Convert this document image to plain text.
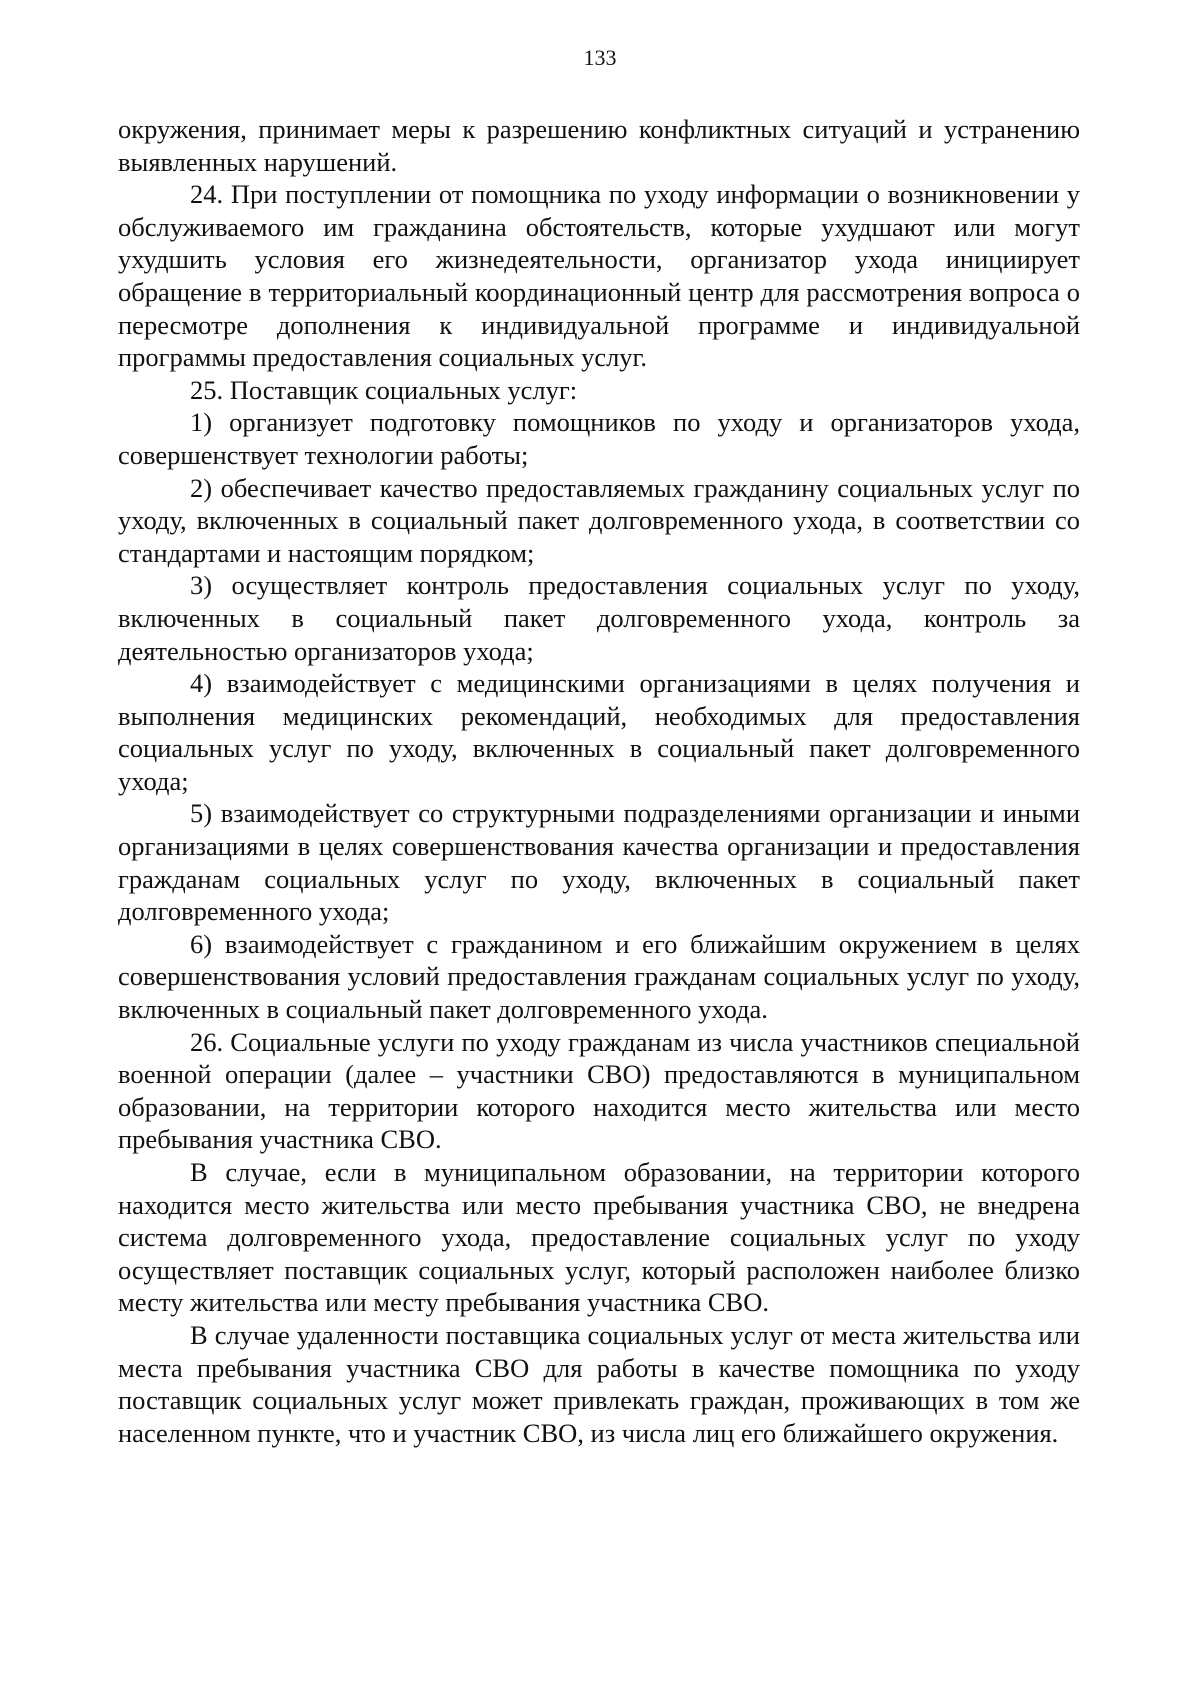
133

окружения, принимает меры к разрешению конфликтных ситуаций и устранению выявленных нарушений.

24. При поступлении от помощника по уходу информации о возникновении у обслуживаемого им гражданина обстоятельств, которые ухудшают или могут ухудшить условия его жизнедеятельности, организатор ухода инициирует обращение в территориальный координационный центр для рассмотрения вопроса о пересмотре дополнения к индивидуальной программе и индивидуальной программы предоставления социальных услуг.

25. Поставщик социальных услуг:

1) организует подготовку помощников по уходу и организаторов ухода, совершенствует технологии работы;

2) обеспечивает качество предоставляемых гражданину социальных услуг по уходу, включенных в социальный пакет долговременного ухода, в соответствии со стандартами и настоящим порядком;

3) осуществляет контроль предоставления социальных услуг по уходу, включенных в социальный пакет долговременного ухода, контроль за деятельностью организаторов ухода;

4) взаимодействует с медицинскими организациями в целях получения и выполнения медицинских рекомендаций, необходимых для предоставления социальных услуг по уходу, включенных в социальный пакет долговременного ухода;

5) взаимодействует со структурными подразделениями организации и иными организациями в целях совершенствования качества организации и предоставления гражданам социальных услуг по уходу, включенных в социальный пакет долговременного ухода;

6) взаимодействует с гражданином и его ближайшим окружением в целях совершенствования условий предоставления гражданам социальных услуг по уходу, включенных в социальный пакет долговременного ухода.

26. Социальные услуги по уходу гражданам из числа участников специальной военной операции (далее – участники СВО) предоставляются в муниципальном образовании, на территории которого находится место жительства или место пребывания участника СВО.

В случае, если в муниципальном образовании, на территории которого находится место жительства или место пребывания участника СВО, не внедрена система долговременного ухода, предоставление социальных услуг по уходу осуществляет поставщик социальных услуг, который расположен наиболее близко месту жительства или месту пребывания участника СВО.

В случае удаленности поставщика социальных услуг от места жительства или места пребывания участника СВО для работы в качестве помощника по уходу поставщик социальных услуг может привлекать граждан, проживающих в том же населенном пункте, что и участник СВО, из числа лиц его ближайшего окружения.
